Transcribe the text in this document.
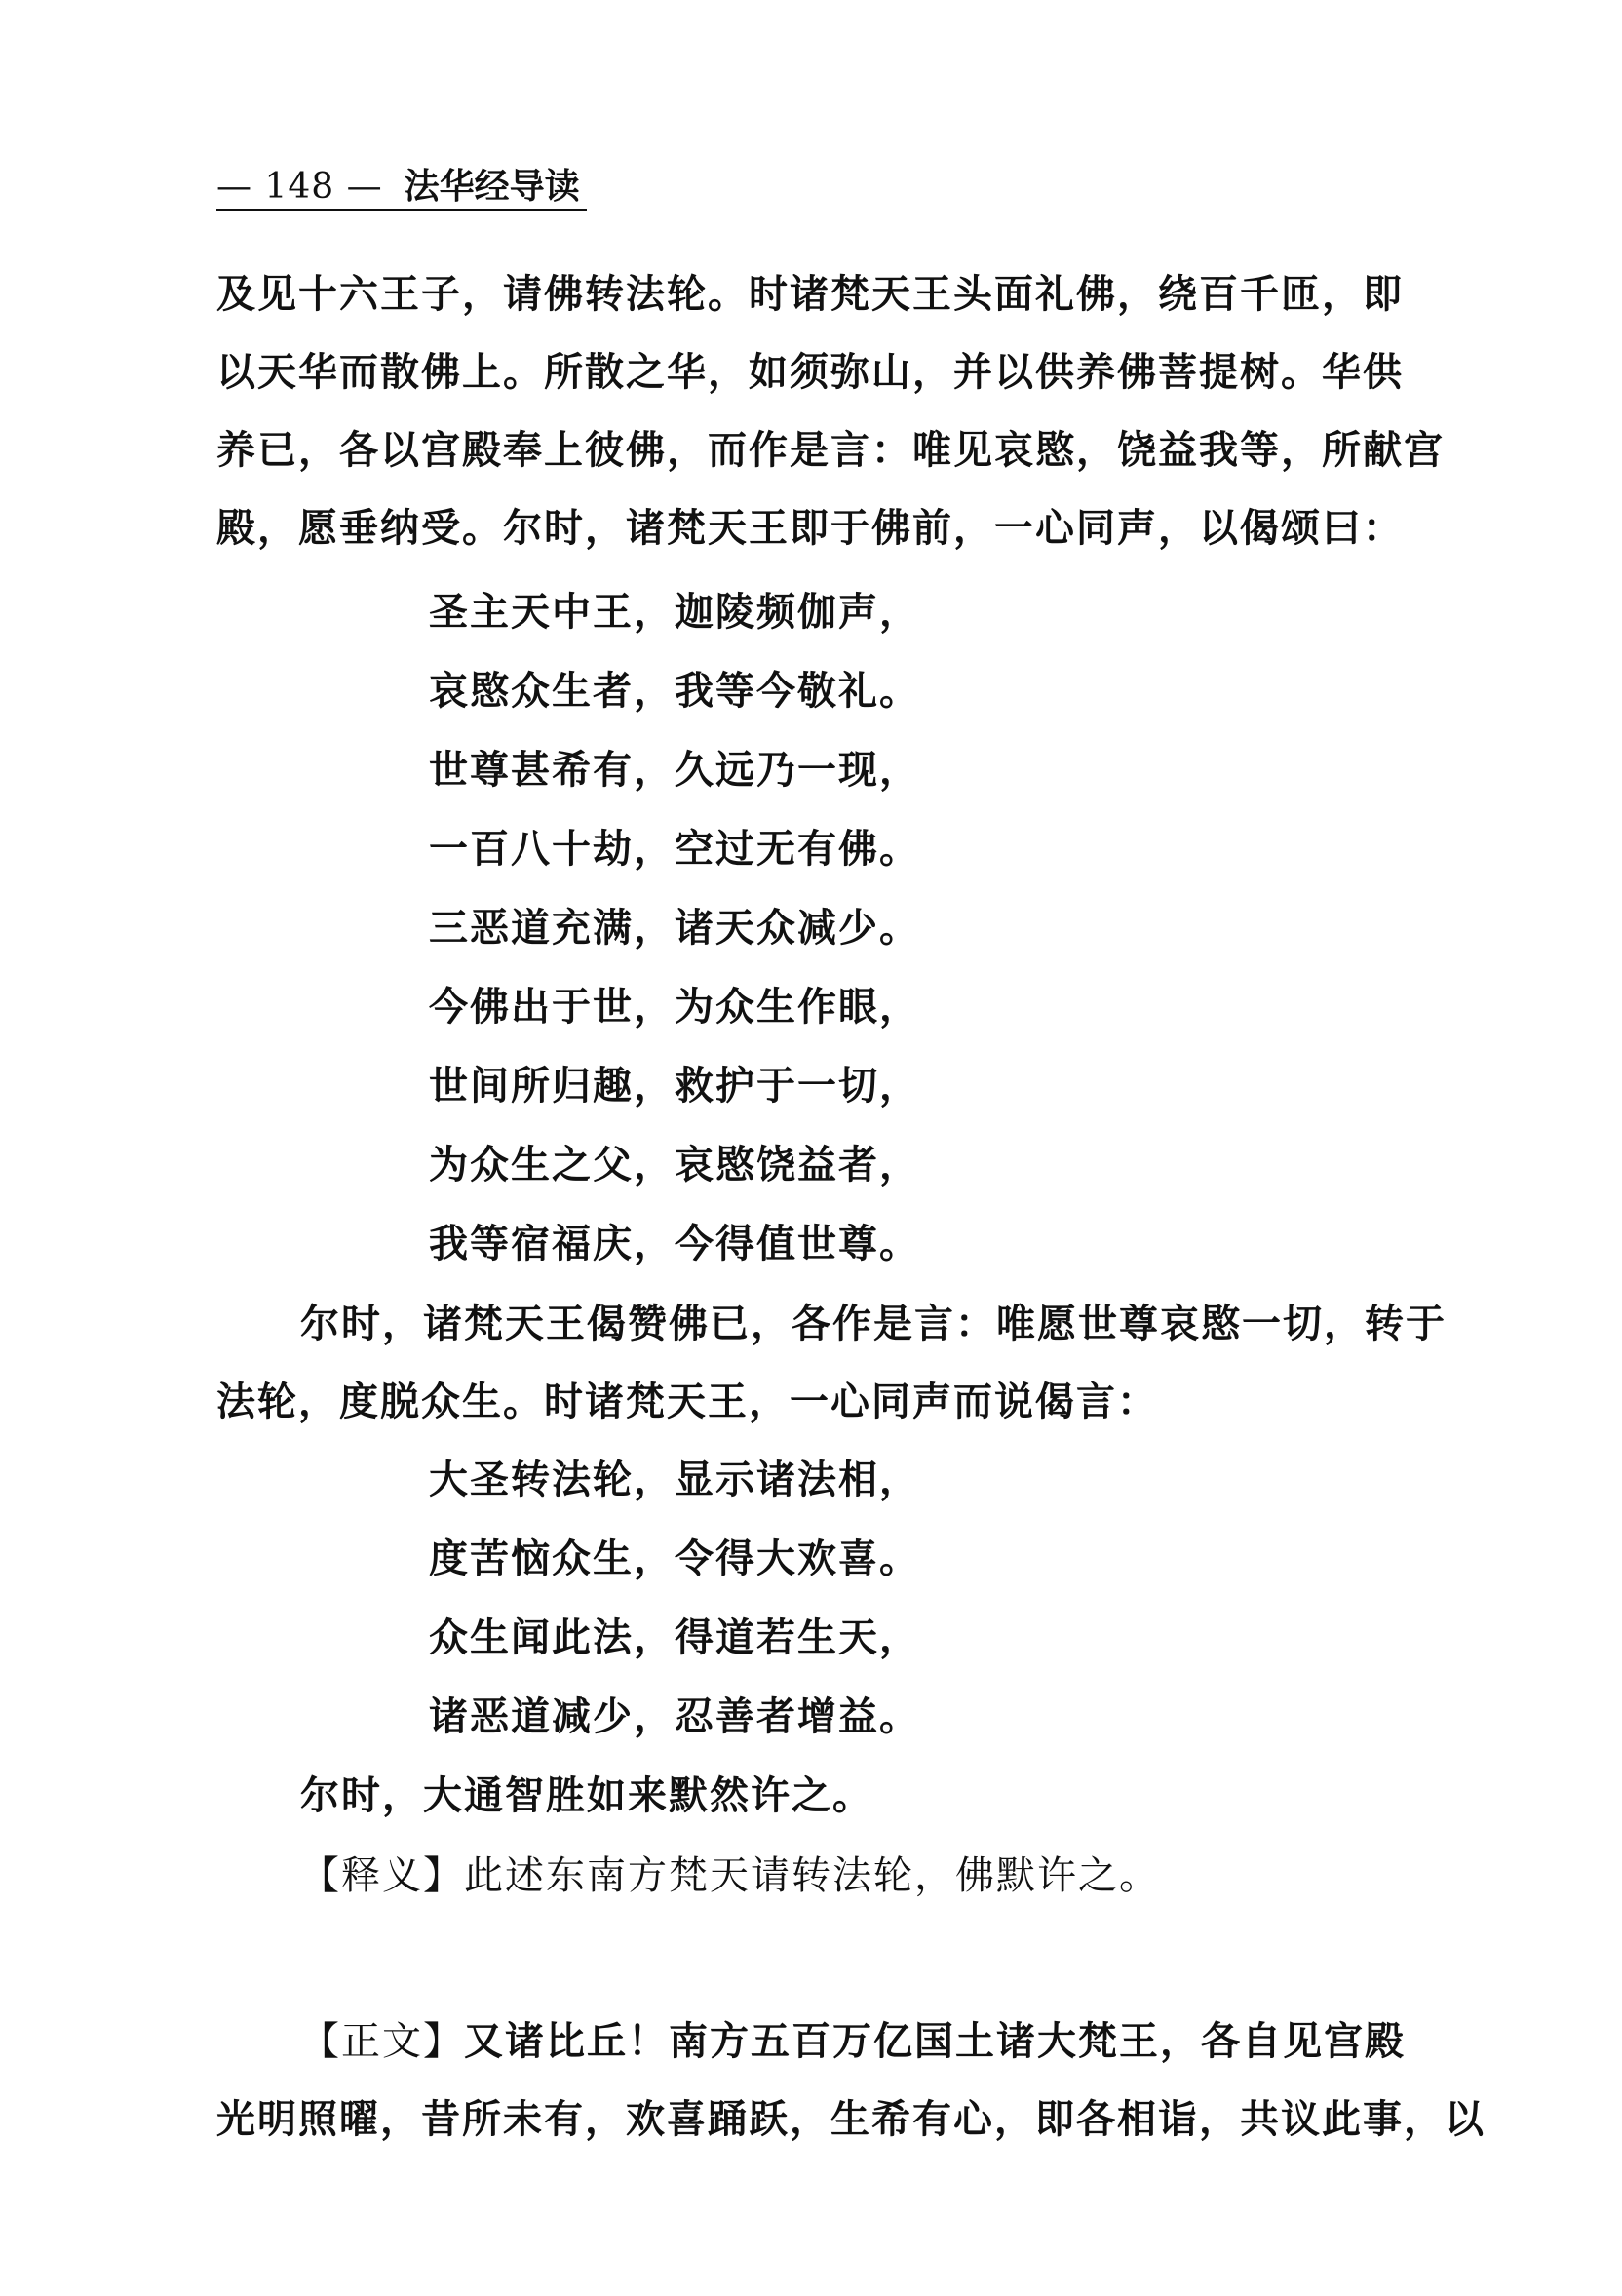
— 148 — 法华经导读
及见十六王子，请佛转法轮。时诸梵天王头面礼佛，绕百千匝，即
以天华而散佛上。所散之华，如须弥山，并以供养佛菩提树。华供
养已，各以宫殿奉上彼佛，而作是言：唯见哀愍，饶益我等，所献宫
殿，愿垂纳受。尔时，诸梵天王即于佛前，一心同声，以偈颂曰：
圣主天中王，迦陵频伽声，
哀愍众生者，我等今敬礼。
世尊甚希有，久远乃一现，
一百八十劫，空过无有佛。
三恶道充满，诸天众减少。
今佛出于世，为众生作眼，
世间所归趣，救护于一切，
为众生之父，哀愍饶益者，
我等宿福庆，今得值世尊。
尔时，诸梵天王偈赞佛已，各作是言：唯愿世尊哀愍一切，转于
法轮，度脱众生。时诸梵天王，一心同声而说偈言：
大圣转法轮，显示诸法相，
度苦恼众生，令得大欢喜。
众生闻此法，得道若生天，
诸恶道减少，忍善者增益。
尔时，大通智胜如来默然许之。
【释义】此述东南方梵天请转法轮，佛默许之。
【正文】又诸比丘！南方五百万亿国土诸大梵王，各自见宫殿
光明照曜，昔所未有，欢喜踊跃，生希有心，即各相诣，共议此事，以
